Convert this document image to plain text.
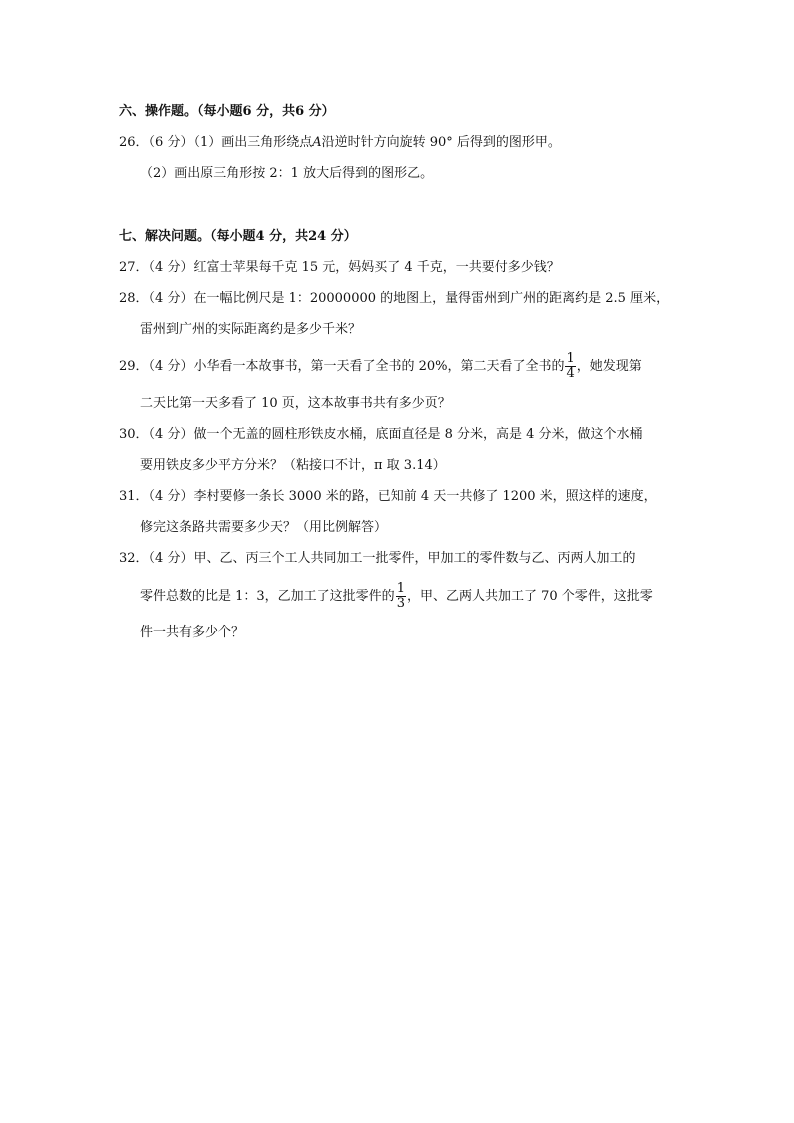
六、操作题。（每小题6 分，共6 分）
26．（6 分）（1）画出三角形绕点A沿逆时针方向旋转 90° 后得到的图形甲。
（2）画出原三角形按 2：1 放大后得到的图形乙。
七、解决问题。（每小题4 分，共24 分）
27．（4 分）红富士苹果每千克 15 元，妈妈买了 4 千克，一共要付多少钱？
28．（4 分）在一幅比例尺是 1：20000000 的地图上，量得雷州到广州的距离约是 2.5 厘米，
雷州到广州的实际距离约是多少千米？
29．（4 分）小华看一本故事书，第一天看了全书的 20%，第二天看了全书的 $\frac{1}{4}$ ，她发现第
二天比第一天多看了 10 页，这本故事书共有多少页？
30．（4 分）做一个无盖的圆柱形铁皮水桶，底面直径是 8 分米，高是 4 分米，做这个水桶
要用铁皮多少平方分米？（粘接口不计，π 取 3.14）
31．（4 分）李村要修一条长 3000 米的路，已知前 4 天一共修了 1200 米，照这样的速度，
修完这条路共需要多少天？（用比例解答）
32．（4 分）甲、乙、丙三个工人共同加工一批零件，甲加工的零件数与乙、丙两人加工的
零件总数的比是 1：3，乙加工了这批零件的 $\frac{1}{3}$ ，甲、乙两人共加工了 70 个零件，这批零
件一共有多少个？
